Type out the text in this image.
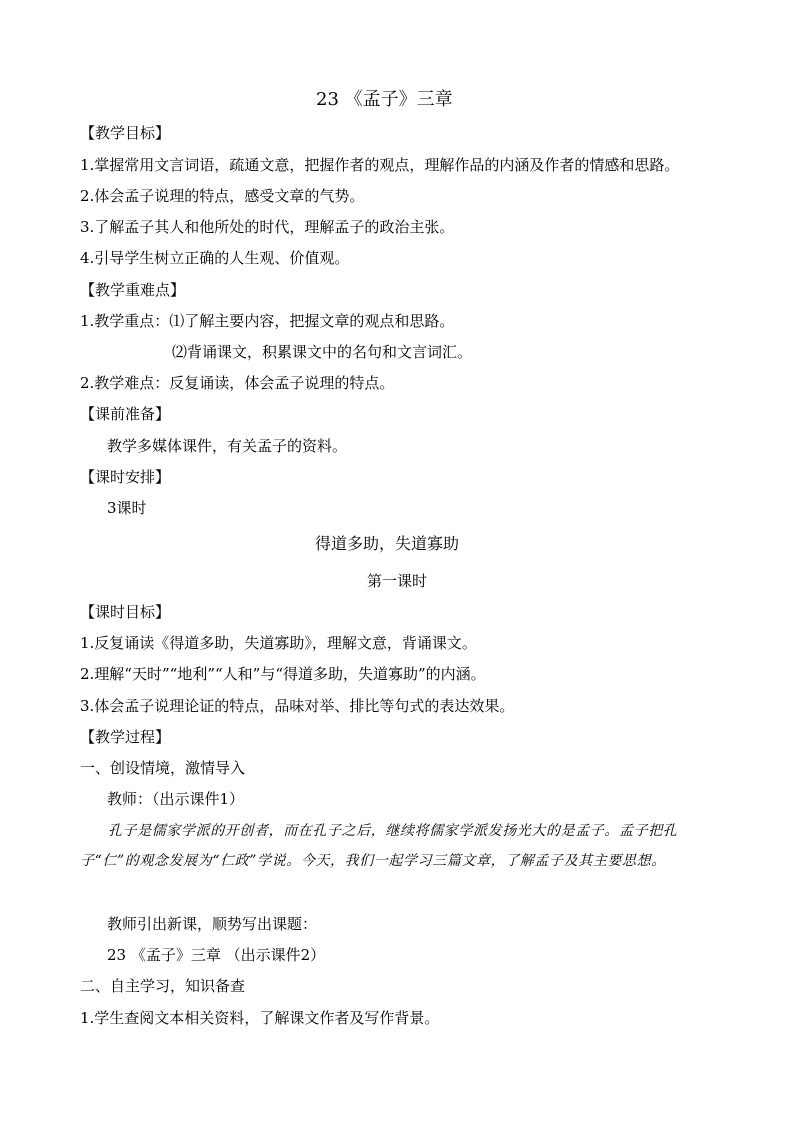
23 《孟子》三章
【教学目标】
1.掌握常用文言词语，疏通文意，把握作者的观点，理解作品的内涵及作者的情感和思路。
2.体会孟子说理的特点，感受文章的气势。
3.了解孟子其人和他所处的时代，理解孟子的政治主张。
4.引导学生树立正确的人生观、价值观。
【教学重难点】
1.教学重点：⑴了解主要内容，把握文章的观点和思路。
⑵背诵课文，积累课文中的名句和文言词汇。
2.教学难点：反复诵读，体会孟子说理的特点。
【课前准备】
教学多媒体课件，有关孟子的资料。
【课时安排】
3课时
得道多助，失道寡助
第一课时
【课时目标】
1.反复诵读《得道多助，失道寡助》，理解文意，背诵课文。
2.理解“天时”“地利”“人和”与“得道多助，失道寡助”的内涵。
3.体会孟子说理论证的特点，品味对举、排比等句式的表达效果。
【教学过程】
一、创设情境，激情导入
教师：（出示课件1）
孔子是儒家学派的开创者，而在孔子之后，继续将儒家学派发扬光大的是孟子。孟子把孔子“仁”的观念发展为“仁政”学说。今天，我们一起学习三篇文章，了解孟子及其主要思想。
教师引出新课，顺势写出课题：
23 《孟子》三章 （出示课件2）
二、自主学习，知识备查
1.学生查阅文本相关资料，了解课文作者及写作背景。
